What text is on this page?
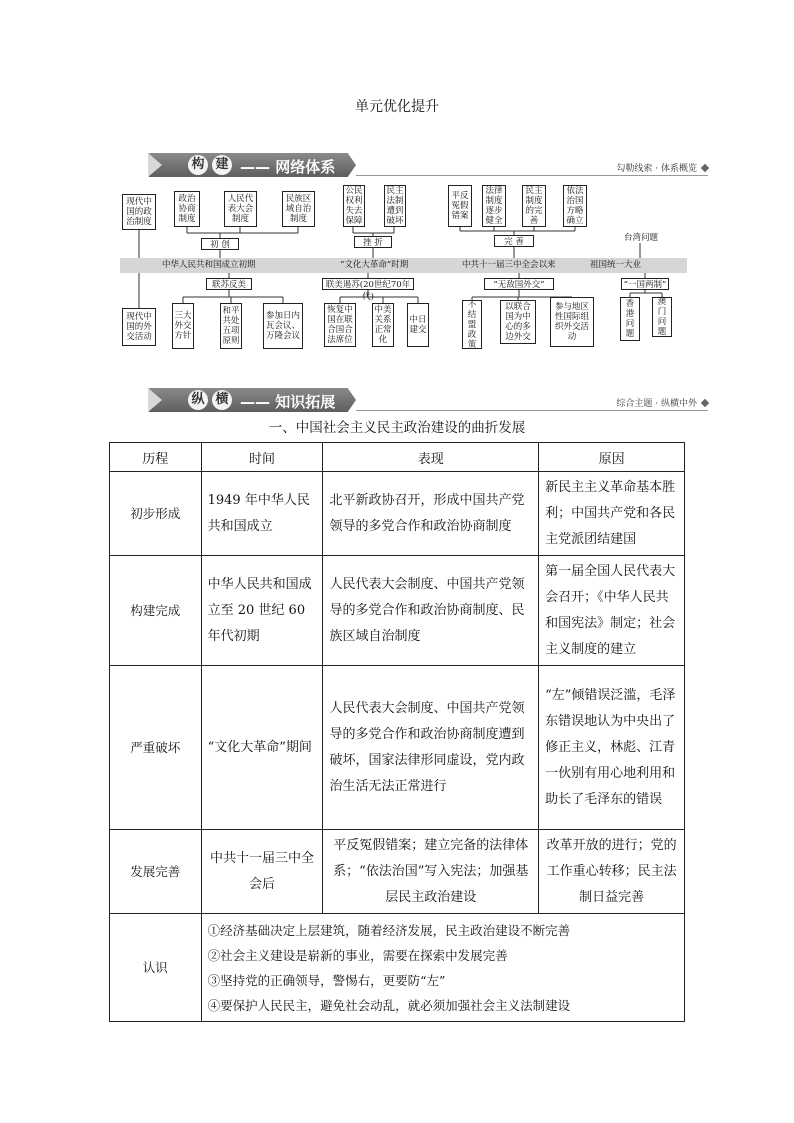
单元优化提升
构 建 —— 网络体系	勾勒线索 · 体系概览
现代中国的政治制度
政治协商制度
人民代表大会制度
民族区域自治制度
初 创
公民权利失去保障
民主法制遭到破坏
挫 折
平反冤假错案
法律制度逐步健全
民主制度的完善
依法治国方略确立
完 善	台湾问题
中华人民共和国成立初期	“文化大革命”时期	中共十一届三中全会以来	祖国统一大业
现代中国的外交活动
联苏反美
三大外交方针
和平共处五项原则
参加日内瓦会议、万隆会议
联美遏苏(20世纪70年代)
恢复中国在联合国合法席位
中美关系正常化
中日建交
“无敌国外交”
不结盟政策
以联合国为中心的多边外交
参与地区性国际组织外交活动
“一国两制”
香港问题
澳门问题
纵 横 —— 知识拓展	综合主题 · 纵横中外
一、中国社会主义民主政治建设的曲折发展
历程	时间	表现	原因
初步形成	1949 年中华人民共和国成立	北平新政协召开，形成中国共产党领导的多党合作和政治协商制度	新民主主义革命基本胜利；中国共产党和各民主党派团结建国
构建完成	中华人民共和国成立至 20 世纪 60 年代初期	人民代表大会制度、中国共产党领导的多党合作和政治协商制度、民族区域自治制度	第一届全国人民代表大会召开；《中华人民共和国宪法》制定；社会主义制度的建立
严重破坏	“文化大革命”期间	人民代表大会制度、中国共产党领导的多党合作和政治协商制度遭到破坏，国家法律形同虚设，党内政治生活无法正常进行	“左”倾错误泛滥，毛泽东错误地认为中央出了修正主义，林彪、江青一伙别有用心地利用和助长了毛泽东的错误
发展完善	中共十一届三中全会后	平反冤假错案；建立完备的法律体系；“依法治国”写入宪法；加强基层民主政治建设	改革开放的进行；党的工作重心转移；民主法制日益完善
认识	①经济基础决定上层建筑，随着经济发展，民主政治建设不断完善

②社会主义建设是崭新的事业，需要在探索中发展完善

③坚持党的正确领导，警惕右，更要防“左”

④要保护人民民主，避免社会动乱，就必须加强社会主义法制建设		
